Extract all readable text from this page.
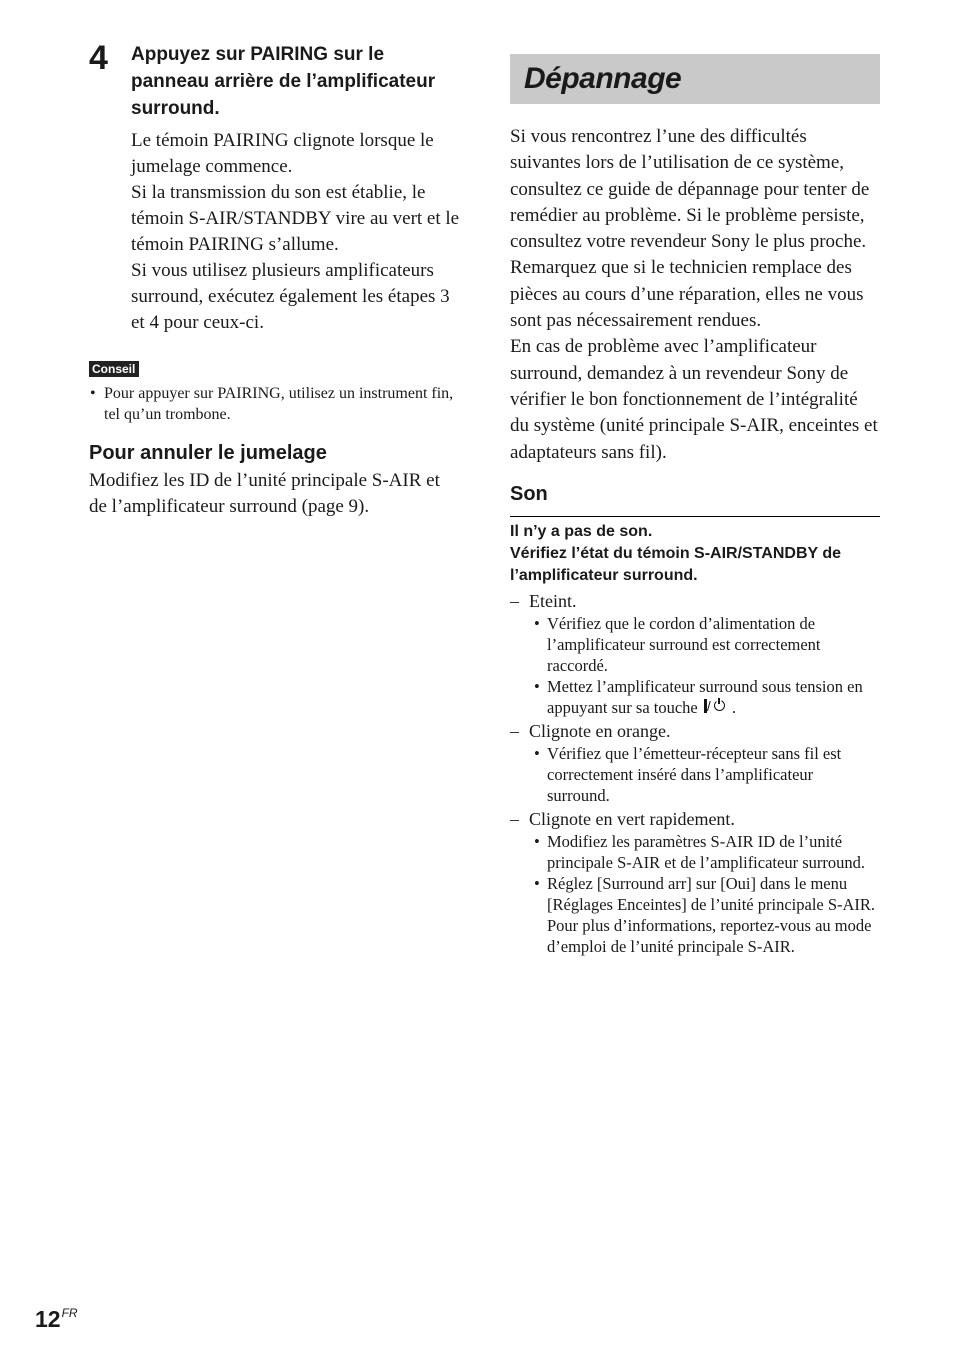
4 Appuyez sur PAIRING sur le panneau arrière de l’amplificateur surround.

Le témoin PAIRING clignote lorsque le jumelage commence.

Si la transmission du son est établie, le témoin S-AIR/STANDBY vire au vert et le témoin PAIRING s’allume.

Si vous utilisez plusieurs amplificateurs surround, exécutez également les étapes 3 et 4 pour ceux-ci.

Conseil
• Pour appuyer sur PAIRING, utilisez un instrument fin, tel qu’un trombone.
Pour annuler le jumelage

Modifiez les ID de l’unité principale S-AIR et de l’amplificateur surround (page 9).

Dépannage

Si vous rencontrez l’une des difficultés suivantes lors de l’utilisation de ce système, consultez ce guide de dépannage pour tenter de remédier au problème. Si le problème persiste, consultez votre revendeur Sony le plus proche.

Remarquez que si le technicien remplace des pièces au cours d’une réparation, elles ne vous sont pas nécessairement rendues.

En cas de problème avec l’amplificateur surround, demandez à un revendeur Sony de vérifier le bon fonctionnement de l’intégralité du système (unité principale S-AIR, enceintes et adaptateurs sans fil).

Son
Il n’y a pas de son.
Vérifiez l’état du témoin S-AIR/STANDBY de l’amplificateur surround.
– Eteint.
• Vérifiez que le cordon d’alimentation de l’amplificateur surround est correctement raccordé.
• Mettez l’amplificateur surround sous tension en appuyant sur sa touche / .
– Clignote en orange.
• Vérifiez que l’émetteur-récepteur sans fil est correctement inséré dans l’amplificateur surround.
– Clignote en vert rapidement.
• Modifiez les paramètres S-AIR ID de l’unité principale S-AIR et de l’amplificateur surround.
• Réglez [Surround arr] sur [Oui] dans le menu [Réglages Enceintes] de l’unité principale S-AIR. Pour plus d’informations, reportez-vous au mode d’emploi de l’unité principale S-AIR.
$12^{FR}$
